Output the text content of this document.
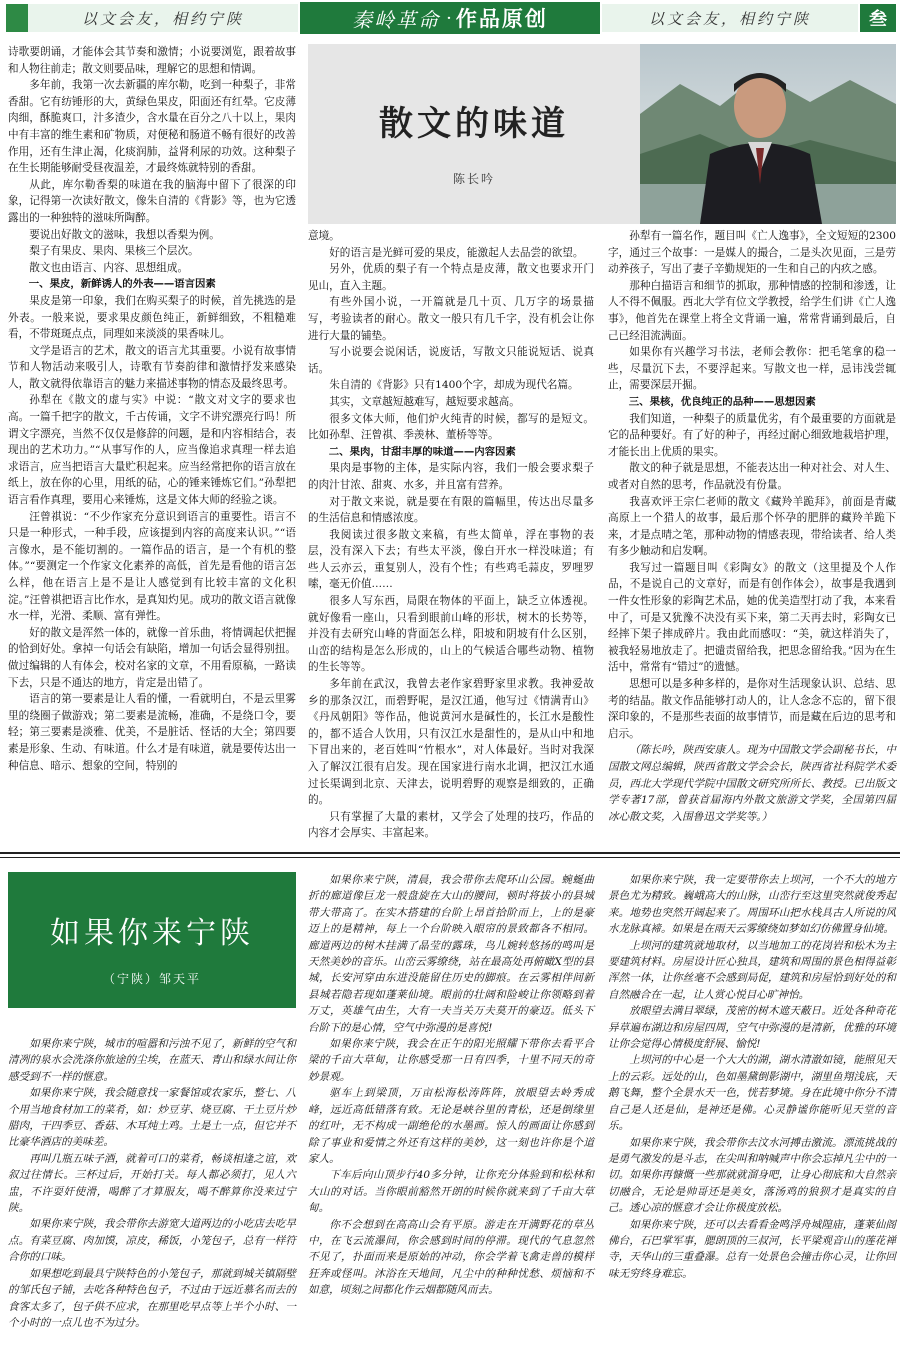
以文会友，相约宁陕	秦岭革命 · 作品原创	以文会友，相约宁陕	叁
散文的味道
陈长吟

诗歌要朗诵，才能体会其节奏和激情；小说要浏览，跟着故事和人物往前走；散文则要品味，理解它的思想和情调。

多年前，我第一次去新疆的库尔勒，吃到一种梨子，非常香甜。它有纺锤形的大，黄绿色果皮，阳面还有红晕。它皮薄肉细，酥脆爽口，汁多渣少，含水量在百分之八十以上，果肉中有丰富的维生素和矿物质，对便秘和肠道不畅有很好的改善作用，还有生津止渴，化痰润肺，益肾利尿的功效。这种梨子在生长期能够耐受昼夜温差，才最终炼就特别的香甜。

从此，库尔勒香梨的味道在我的脑海中留下了很深的印象，记得第一次读好散文，像朱自清的《背影》等，也为它透露出的一种独特的滋味所陶醉。

要说出好散文的滋味，我想以香梨为例。

梨子有果皮、果肉、果核三个层次。

散文也由语言、内容、思想组成。

一、果皮，新鲜诱人的外表——语言因素

果皮是第一印象，我们在购买梨子的时候，首先挑选的是外表。一般来说，要求果皮颜色纯正，新鲜细致，不粗糙难看，不带斑斑点点，同理如来淡淡的果香味儿。

文学是语言的艺术，散文的语言尤其重要。小说有故事情节和人物活动来吸引人，诗歌有节奏韵律和激情抒发来感染人，散文就得依靠语言的魅力来描述事物的情态及最终思考。

孙犁在《散文的虚与实》中说：“散文对文字的要求也高。一篇千把字的散文，千古传诵，文字不讲究漂亮行吗！所谓文字漂亮，当然不仅仅是修辞的问题，是和内容相结合，表现出的艺术功力。”“从事写作的人，应当像追求真理一样去追求语言，应当把语言大量贮积起来。应当经常把你的语言放在纸上，放在你的心里，用纸的砧，心的锤来锤炼它们。”孙犁把语言看作真理，要用心来锤炼，这是文体大师的经验之谈。

汪曾祺说：“不少作家充分意识到语言的重要性。语言不只是一种形式，一种手段，应该提到内容的高度来认识。”“语言像水，是不能切割的。一篇作品的语言，是一个有机的整体。”“要测定一个作家文化素养的高低，首先是看他的语言怎么样，他在语言上是不是让人感觉到有比较丰富的文化积淀。”汪曾祺把语言比作水，是真知灼见。成功的散文语言就像水一样，光滑、柔顺、富有弹性。

好的散文是浑然一体的，就像一首乐曲，将情调起伏把握的恰到好处。拿掉一句话会有缺陷，增加一句话会显得别扭。做过编辑的人有体会，校对名家的文章，不用看原稿，一路读下去，只是不通达的地方，肯定是出错了。

语言的第一要素是让人看的懂，一看就明白，不是云里雾里的绕圈子做游戏；第二要素是流畅，准确，不是绕口令，要轻；第三要素是淡雅、优美，不是脏话、怪话的大全；第四要素是形象、生动、有味道。什么才是有味道，就是要传达出一种信息、暗示、想象的空间，特别的

意境。

好的语言是光鲜可爱的果皮，能激起人去品尝的欲望。

另外，优质的梨子有一个特点是皮薄，散文也要求开门见山，直入主题。

有些外国小说，一开篇就是几十页、几万字的场景描写，考验读者的耐心。散文一般只有几千字，没有机会让你进行大量的铺垫。

写小说要会说闲话，说废话，写散文只能说短话、说真话。

朱自清的《背影》只有1400个字，却成为现代名篇。

其实，文章越短越难写，越短要求越高。

很多文体大师，他们炉火纯青的时候，都写的是短文。比如孙犁、汪曾祺、季羡林、董桥等等。

二、果肉，甘甜丰厚的味道——内容因素

果肉是事物的主体，是实际内容，我们一般会要求梨子的肉汁甘浓、甜爽、水多，并且富有营养。

对于散文来说，就是要在有限的篇幅里，传达出尽量多的生活信息和情感浓度。

我阅读过很多散文来稿，有些太简单，浮在事物的表层，没有深入下去；有些太平淡，像白开水一样没味道；有些人云亦云，重复别人，没有个性；有些鸡毛蒜皮，罗哩罗嗦，毫无价值……

很多人写东西，局限在物体的平面上，缺乏立体透视。就好像看一座山，只看到眼前山峰的形状，树木的长势等，并没有去研究山峰的背面怎么样，阳坡和阴坡有什么区别，山峦的结构是怎么形成的，山上的气候适合哪些动物、植物的生长等等。

多年前在武汉，我曾去老作家碧野家里求教。我神爱故乡的那条汉江，而碧野呢，是汉江通，他写过《情满青山》《丹凤朝阳》等作品，他说黄河水是碱性的，长江水是酸性的，都不适合人饮用，只有汉江水是甜性的，是从山中和地下冒出来的，老百姓叫“竹根水”，对人体最好。当时对我深入了解汉江很有启发。现在国家进行南水北调，把汉江水通过长渠调到北京、天津去，说明碧野的观察是细致的，正确的。

只有掌握了大量的素材，又学会了处理的技巧，作品的内容才会厚实、丰富起来。

孙犁有一篇名作，题目叫《亡人逸事》，全文短短的2300字，通过三个故事：一是媒人的撮合，二是头次见面，三是劳动养孩子，写出了妻子辛勤规矩的一生和自己的内疚之感。

那种白描语言和细节的抓取，那种情感的控制和渗透，让人不得不佩服。西北大学有位文学教授，给学生们讲《亡人逸事》，他首先在课堂上将全文背诵一遍，常常背诵到最后，自己已经泪流满面。

如果你有兴趣学习书法，老师会教你：把毛笔拿的稳一些，尽量沉下去，不要浮起来。写散文也一样，忌讳浅尝辄止，需要深层开掘。

三、果核，优良纯正的品种——思想因素

我们知道，一种梨子的质量优劣，有个最重要的方面就是它的品种要好。有了好的种子，再经过耐心细致地栽培护理，才能长出上优质的果实。

散文的种子就是思想，不能表达出一种对社会、对人生、或者对自然的思考，作品就没有份量。

我喜欢评王宗仁老师的散文《藏羚羊跪拜》，前面是青藏高原上一个猎人的故事，最后那个怀孕的肥胖的藏羚羊跪下来，才是点晴之笔，那种动物的情感表现，带给读者、给人类有多少触动和启发啊。

我写过一篇题目叫《彩陶女》的散文（这里提及个人作品，不是说自己的文章好，而是有创作体会），故事是我遇到一件女性形象的彩陶艺术品，她的优美造型打动了我，本来看中了，可是又犹豫不决没有买下来，第二天再去时，彩陶女已经摔下架子摔成碎片。我由此而感叹：“美，就这样消失了，被我轻易地放走了。把谴责留给我，把思念留给我。”因为在生活中，常常有“错过”的遗憾。

思想可以是多种多样的，是你对生活现象认识、总结、思考的结晶。散文作品能够打动人的，让人念念不忘的，留下很深印象的，不是那些表面的故事情节，而是藏在后边的思考和启示。

（陈长吟，陕西安康人。现为中国散文学会副秘书长，中国散文网总编辑，陕西省散文学会会长，陕西省社科院学术委员，西北大学现代学院中国散文研究所所长、教授。已出版文学专著17部，曾获首届海内外散文旅游文学奖，全国第四届冰心散文奖，入围鲁迅文学奖等。）

如果你来宁陕
（宁陕）邹天平

如果你来宁陕，城市的喧嚣和污浊不见了，新鲜的空气和清冽的泉水会洗涤你旅途的尘埃，在蓝天、青山和绿水间让你感受到不一样的惬意。

如果你来宁陕，我会随意找一家餐馆或农家乐，整七、八个用当地食材加工的菜肴，如：炒豆芽、烧豆腐、干土豆片炒腊肉，干四季豆、香菇、木耳炖土鸡。土是土一点，但它并不比豪华酒店的美味差。

再叫几瓶五味子酒，就着可口的菜肴，畅谈相逢之谊，欢叙过往情长。三杯过后，开始打关。每人都必须打，见人六盅，不许耍奸使滑，喝醉了才算服友，喝不醉算你没来过宁陕。

如果你来宁陕，我会带你去游宽大道两边的小吃店去吃早点。有菜豆腐、肉加馍，凉皮，稀饭，小笼包子，总有一样符合你的口味。

如果想吃到最具宁陕特色的小笼包子，那就到城关镇隔壁的邹氏包子铺，去吃各种特色包子，不过由于远近慕名而去的食客太多了，包子供不应求，在那里吃早点等上半个小时、一个小时的一点儿也不为过分。

如果你来宁陕，清晨，我会带你去爬环山公园。蜿蜒曲折的廊道像巨龙一般盘旋在大山的腰间，顿时将拔小的县城带大带高了。在实木搭建的台阶上昂首拾阶而上，上的是豪迈上的是精神，每上一个台阶映入眼帘的景致都各不相同。廊道两边的树木挂满了晶莹的露珠，鸟儿婉转悠扬的鸣叫是天然美妙的音乐。山峦云雾缭绕，站在最高处再俯瞰X型的县城，长安河穿由东进没能留住历史的脚痕。在云雾相伴间新县城若隐若现如蓬莱仙境。眼前的壮阔和险峻让你领略到着万丈，英雄气由生，大有一夫当关万夫莫开的豪迈。低头下台阶下的是心情，空气中弥漫的是喜悦!

如果你来宁陕，我会在正午的阳光照耀下带你去看平合梁的千亩大草甸，让你感受那一日有四季，十里不同天的奇妙景观。

驱车上到梁顶，万亩松海松涛阵阵，放眼望去岭秀成峰，远近高低错落有致。无论是峡谷里的青松，还是倒缘里的红叶，无不构成一副绝伦的水墨画。惊人的画面让你感到除了事业和爱情之外还有这样的美妙，这一刻也许你是个道家人。

下车后向山顶步行40多分钟，让你充分体验到和松林和大山的对话。当你眼前豁然开朗的时候你就来到了千亩大草甸。

你不会想到在高高山会有平原。游走在开满野花的草丛中，在飞云流瀑间，你会感到时间的停滞。现代的气息忽然不见了，扑面而来是原始的冲动，你会学着飞禽走兽的模样狂奔或怪叫。沐浴在天地间，凡尘中的种种忧愁、烦恼和不如意，顷刻之间都化作云烟都随风而去。

如果你来宁陕，我一定要带你去上坝河，一个不大的地方景色尤为精致。巍峨高大的山脉，山峦行至这里突然就俊秀起来。地势也突然开阔起来了。周围环山把水栈具古人所说的风水龙脉真褅。如果是在雨天云雾缭绕如梦如幻仿佛置身仙境。

上坝河的建筑就地取材，以当地加工的花岗岩和松木为主要建筑材料。房屋设计匠心独具，建筑和周围的景色相得益彰浑然一体，让你丝毫不会感到局促，建筑和房屋恰到好处的和自然融合在一起，让人赏心悦目心旷神怡。

放眼望去满目翠绿，茂密的树木遮天蔽日。近处各种奇花异草遍布湖边和房屋四周，空气中弥漫的是清新，优雅的环境让你会觉得心情极度舒展、愉悦!

上坝河的中心是一个大大的湖，湖水清澈如镜，能照见天上的云彩。远处的山，色如墨黛倒影湖中，湖里鱼翔浅底，天鹅飞舞，整个全景水天一色，恍若梦境。身在此境中你分不清自己是人还是仙，是神还是佛。心灵静谧你能听见天堂的音乐。

如果你来宁陕，我会带你去汶水河搏击激流。漂流挑战的是勇气激发的是斗志，在尖叫和呐喊声中你会忘掉凡尘中的一切。如果你再慷慨一些那就就溜身吧，让身心彻底和大自然亲切融合，无论是帅哥还是美女，落汤鸡的狼狈才是真实的自己。透心凉的惬意才会让你极度放松。

如果你来宁陕，还可以去看看金鸣浮舟城隍庙，蓬莱仙阁佛台，石巴掌军事，腮朗顶的三叔河，长平梁观音山的莲花禅寺，天华山的三重叠瀑。总有一处景色会撞击你心灵，让你回味无穷终身难忘。
